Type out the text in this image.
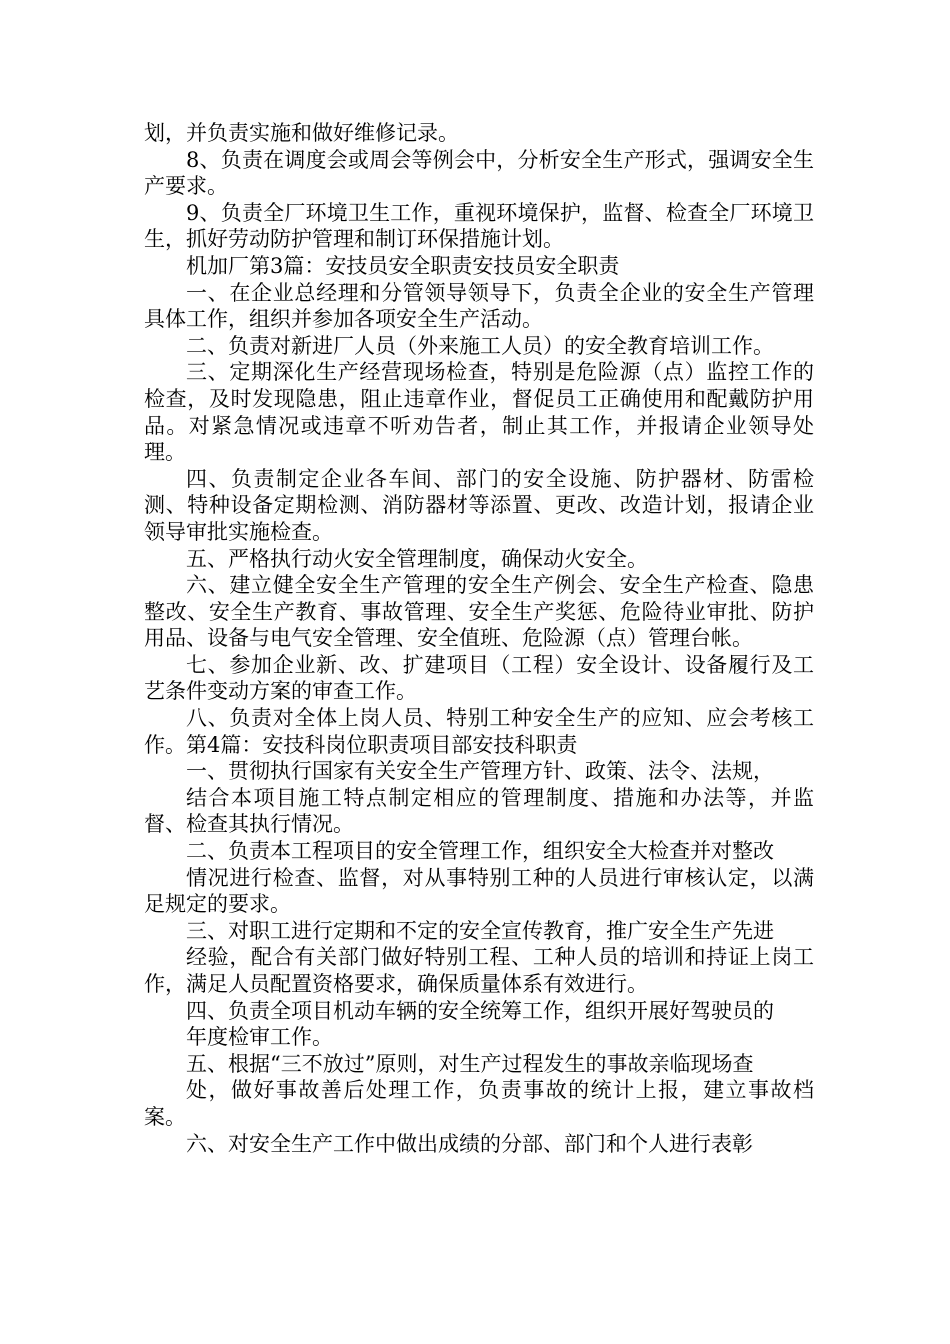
划，并负责实施和做好维修记录。

8、负责在调度会或周会等例会中，分析安全生产形式，强调安全生产要求。

9、负责全厂环境卫生工作，重视环境保护，监督、检查全厂环境卫生，抓好劳动防护管理和制订环保措施计划。

机加厂第3篇：安技员安全职责安技员安全职责

一、在企业总经理和分管领导领导下，负责全企业的安全生产管理具体工作，组织并参加各项安全生产活动。

二、负责对新进厂人员（外来施工人员）的安全教育培训工作。

三、定期深化生产经营现场检查，特别是危险源（点）监控工作的检查，及时发现隐患，阻止违章作业，督促员工正确使用和配戴防护用品。对紧急情况或违章不听劝告者，制止其工作，并报请企业领导处理。

四、负责制定企业各车间、部门的安全设施、防护器材、防雷检测、特种设备定期检测、消防器材等添置、更改、改造计划，报请企业领导审批实施检查。

五、严格执行动火安全管理制度，确保动火安全。

六、建立健全安全生产管理的安全生产例会、安全生产检查、隐患整改、安全生产教育、事故管理、安全生产奖惩、危险待业审批、防护用品、设备与电气安全管理、安全值班、危险源（点）管理台帐。

七、参加企业新、改、扩建项目（工程）安全设计、设备履行及工艺条件变动方案的审查工作。

八、负责对全体上岗人员、特别工种安全生产的应知、应会考核工作。第4篇：安技科岗位职责项目部安技科职责

一、贯彻执行国家有关安全生产管理方针、政策、法令、法规，

结合本项目施工特点制定相应的管理制度、措施和办法等，并监督、检查其执行情况。

二、负责本工程项目的安全管理工作，组织安全大检查并对整改

情况进行检查、监督，对从事特别工种的人员进行审核认定，以满足规定的要求。

三、对职工进行定期和不定的安全宣传教育，推广安全生产先进

经验，配合有关部门做好特别工程、工种人员的培训和持证上岗工作，满足人员配置资格要求，确保质量体系有效进行。

四、负责全项目机动车辆的安全统筹工作，组织开展好驾驶员的

年度检审工作。

五、根据“三不放过”原则，对生产过程发生的事故亲临现场查

处，做好事故善后处理工作，负责事故的统计上报，建立事故档案。

六、对安全生产工作中做出成绩的分部、部门和个人进行表彰
